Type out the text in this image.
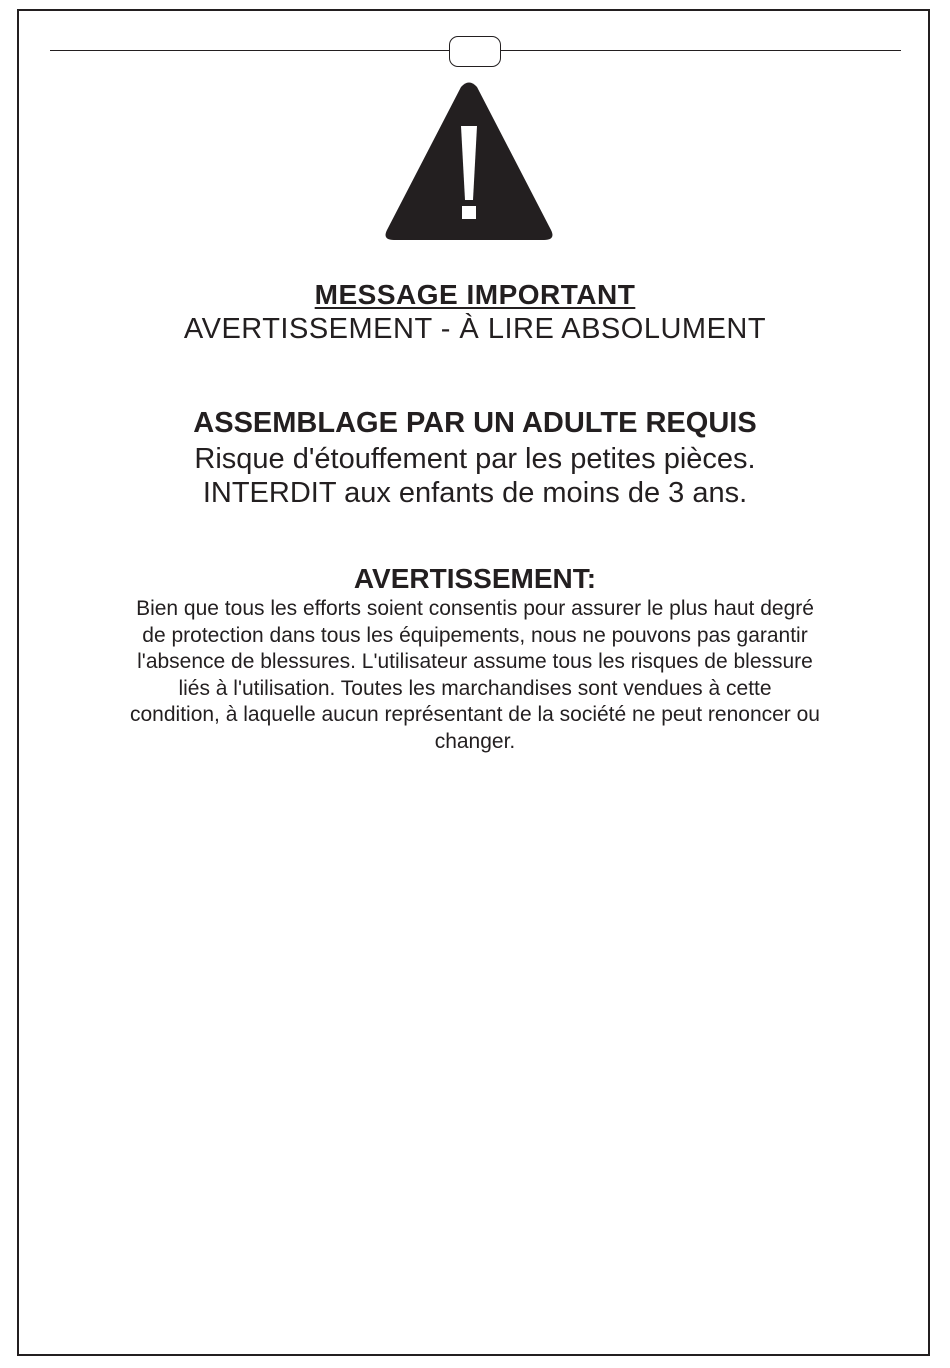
MESSAGE IMPORTANT
AVERTISSEMENT - À LIRE ABSOLUMENT
ASSEMBLAGE PAR UN ADULTE REQUIS
Risque d'étouffement par les petites pièces.
INTERDIT aux enfants de moins de 3 ans.
AVERTISSEMENT:
Bien que tous les efforts soient consentis pour assurer le plus haut degré
de protection dans tous les équipements, nous ne pouvons pas garantir
l'absence de blessures. L'utilisateur assume tous les risques de blessure
liés à l'utilisation. Toutes les marchandises sont vendues à cette
condition, à laquelle aucun représentant de la société ne peut renoncer ou
changer.
